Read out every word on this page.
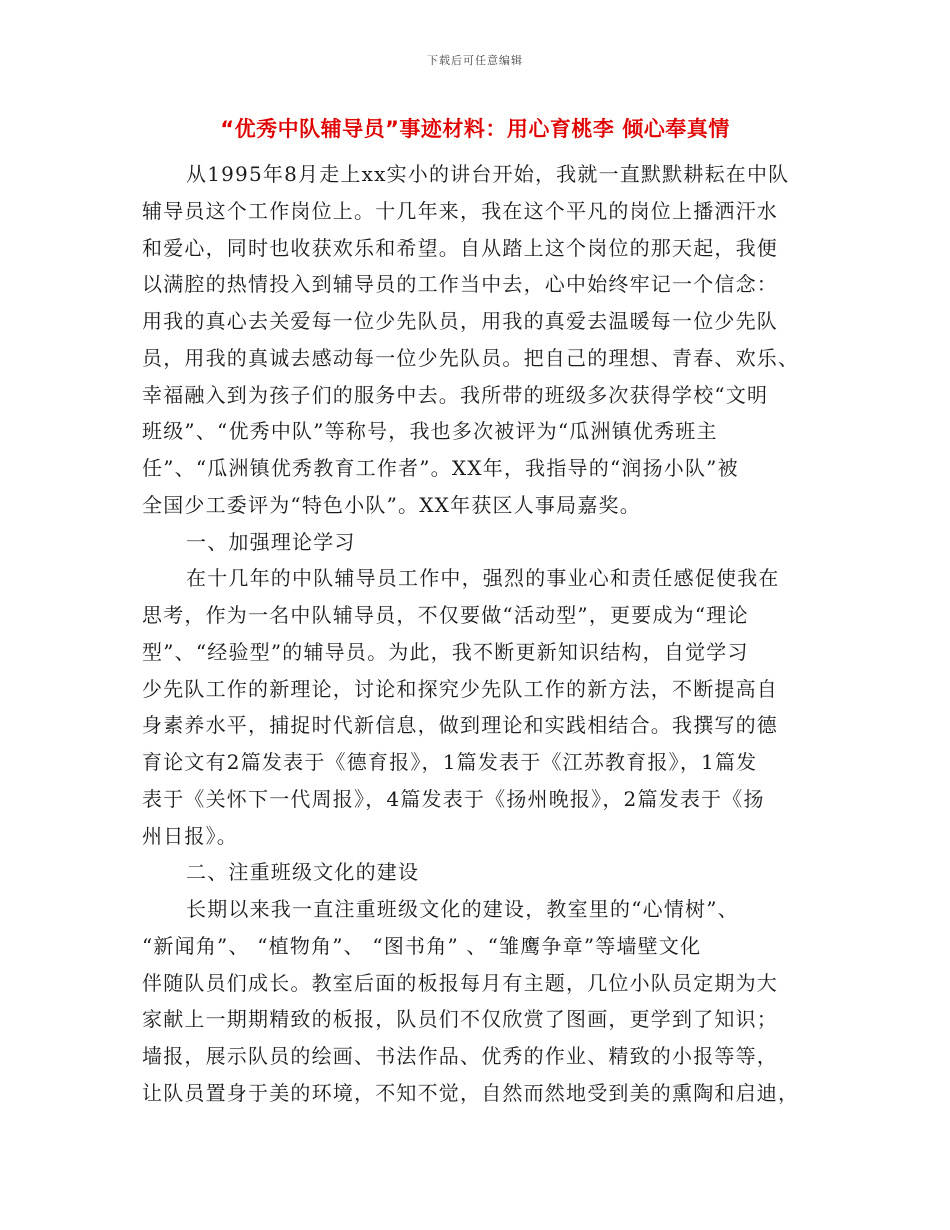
下载后可任意编辑
“优秀中队辅导员”事迹材料：用心育桃李 倾心奉真情
从1995年8月走上xx实小的讲台开始，我就一直默默耕耘在中队
辅导员这个工作岗位上。十几年来，我在这个平凡的岗位上播洒汗水
和爱心，同时也收获欢乐和希望。自从踏上这个岗位的那天起，我便
以满腔的热情投入到辅导员的工作当中去，心中始终牢记一个信念：
用我的真心去关爱每一位少先队员，用我的真爱去温暖每一位少先队
员，用我的真诚去感动每一位少先队员。把自己的理想、青春、欢乐、
幸福融入到为孩子们的服务中去。我所带的班级多次获得学校“文明
班级”、“优秀中队”等称号，我也多次被评为“瓜洲镇优秀班主
任”、“瓜洲镇优秀教育工作者”。XX年，我指导的“润扬小队”被
全国少工委评为“特色小队”。XX年获区人事局嘉奖。
一、加强理论学习
在十几年的中队辅导员工作中，强烈的事业心和责任感促使我在
思考，作为一名中队辅导员，不仅要做“活动型”，更要成为“理论
型”、“经验型”的辅导员。为此，我不断更新知识结构，自觉学习
少先队工作的新理论，讨论和探究少先队工作的新方法，不断提高自
身素养水平，捕捉时代新信息，做到理论和实践相结合。我撰写的德
育论文有2篇发表于《德育报》，1篇发表于《江苏教育报》，1篇发
表于《关怀下一代周报》，4篇发表于《扬州晚报》，2篇发表于《扬
州日报》。
二、注重班级文化的建设
长期以来我一直注重班级文化的建设，教室里的“心情树”、
“新闻角”、 “植物角”、 “图书角” 、“雏鹰争章”等墙壁文化
伴随队员们成长。教室后面的板报每月有主题，几位小队员定期为大
家献上一期期精致的板报，队员们不仅欣赏了图画，更学到了知识；
墙报，展示队员的绘画、书法作品、优秀的作业、精致的小报等等，
让队员置身于美的环境，不知不觉，自然而然地受到美的熏陶和启迪，
